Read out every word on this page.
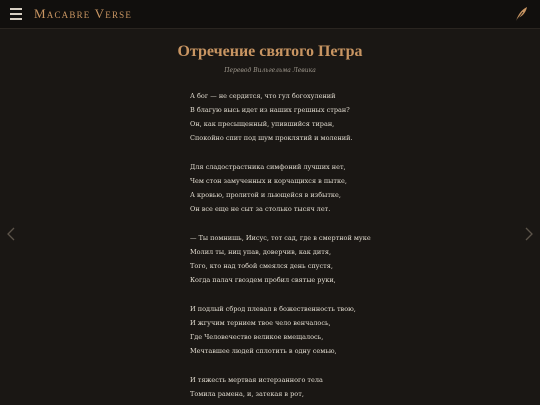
Macabre Verse
Отречение святого Петра
Перевод Вильгельма Левика
А бог — не сердится, что гул богохулений
В благую высь идет из наших грешных стран?
Он, как пресыщенный, упившийся тиран,
Спокойно спит под шум проклятий и молений.
Для сладострастника симфоний лучших нет,
Чем стон замученных и корчащихся в пытке,
А кровью, пролитой и льющейся в избытке,
Он все еще не сыт за столько тысяч лет.
— Ты помнишь, Иисус, тот сад, где в смертной муке
Молил ты, ниц упав, доверчив, как дитя,
Того, кто над тобой смеялся день спустя,
Когда палач гвоздем пробил святые руки,
И подлый сброд плевал в божественность твою,
И жгучим тернием твое чело венчалось,
Где Человечество великое вмещалось,
Мечтавшее людей сплотить в одну семью,
И тяжесть мертвая истерзанного тела
Томила рамена, и, затекая в рот,
